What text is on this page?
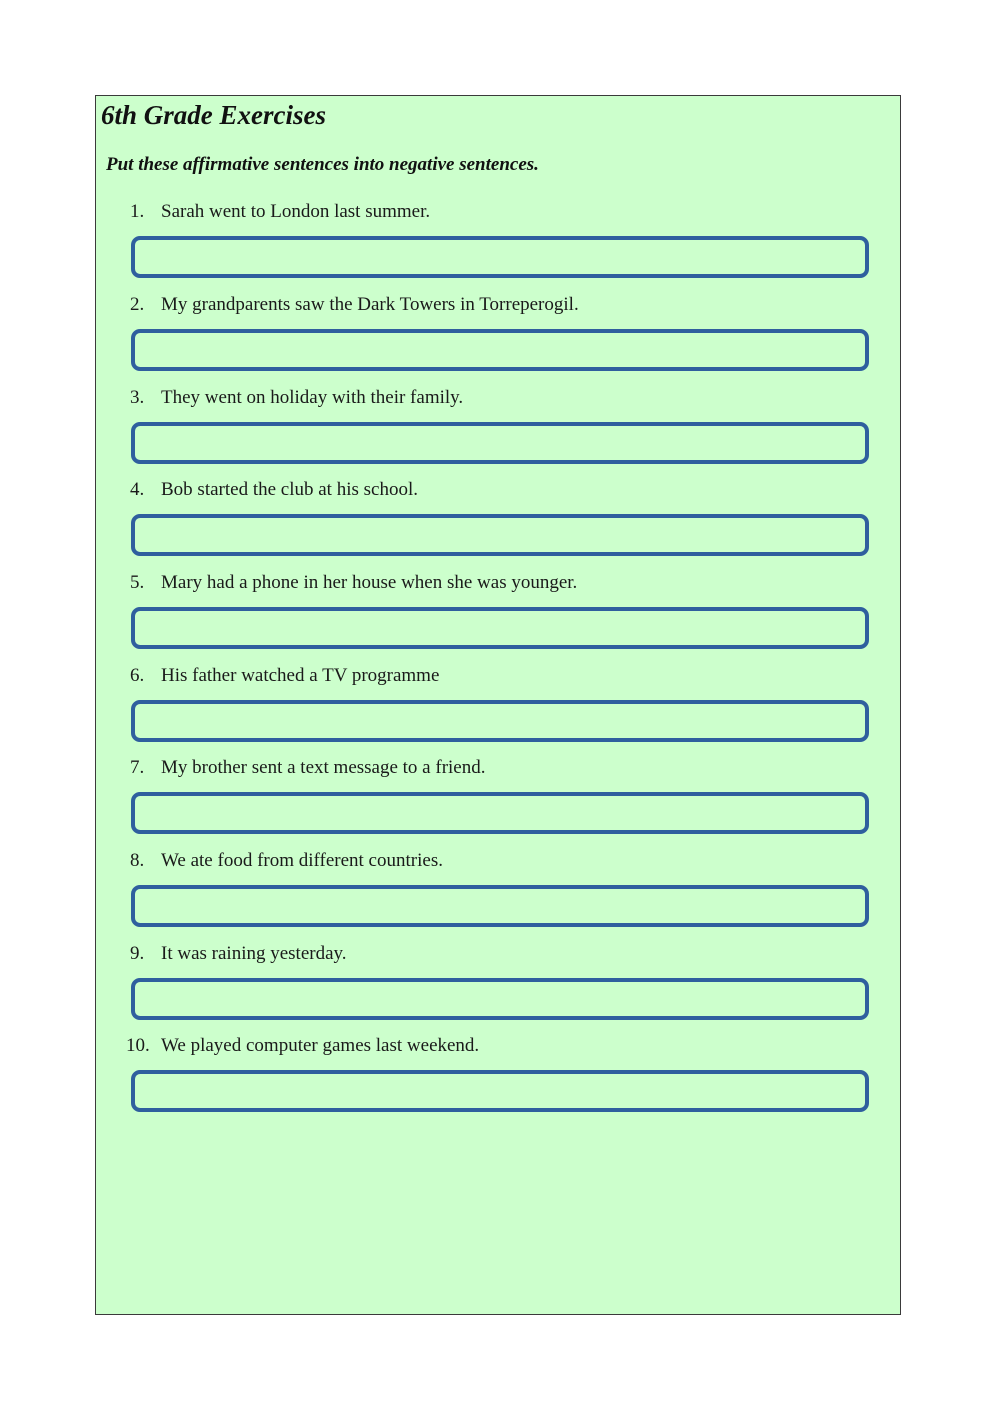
6th Grade Exercises

Put these affirmative sentences into negative sentences.

1. Sarah went to London last summer.
2. My grandparents saw the Dark Towers in Torreperogil.
3. They went on holiday with their family.
4. Bob started the club at his school.
5. Mary had a phone in her house when she was younger.
6. His father watched a TV programme
7. My brother sent a text message to a friend.
8. We ate food from different countries.
9. It was raining yesterday.
10. We played computer games last weekend.
